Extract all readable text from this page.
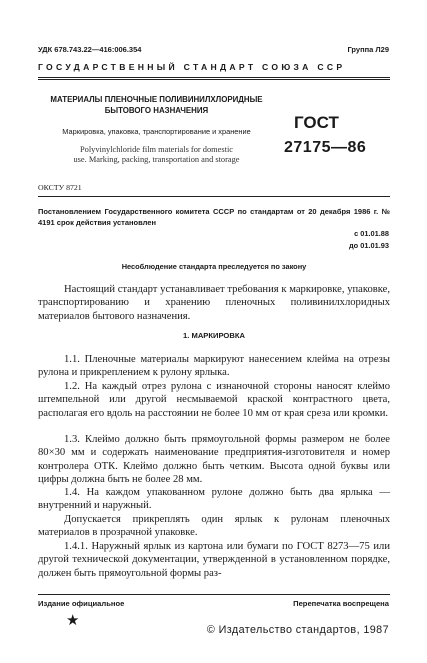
УДК 678.743.22—416:006.354	Группа Л29
ГОСУДАРСТВЕННЫЙ СТАНДАРТ СОЮЗА ССР
МАТЕРИАЛЫ ПЛЕНОЧНЫЕ ПОЛИВИНИЛХЛОРИДНЫЕ
БЫТОВОГО НАЗНАЧЕНИЯ
Маркировка, упаковка, транспортирование и хранение
Polyvinylchloride film materials for domestic
use. Marking, packing, transportation and storage
ГОСТ
27175—86
ОКСТУ 8721
Постановлением Государственного комитета СССР по стандартам от 20 декабря 1986 г. № 4191 срок действия установлен
с 01.01.88
до 01.01.93
Несоблюдение стандарта преследуется по закону

Настоящий стандарт устанавливает требования к маркировке, упаковке, транспортированию и хранению пленочных поливинилхлоридных материалов бытового назначения.

1. МАРКИРОВКА

1.1. Пленочные материалы маркируют нанесением клейма на отрезы рулона и прикреплением к рулону ярлыка.

1.2. На каждый отрез рулона с изнаночной стороны наносят клеймо штемпельной или другой несмываемой краской контрастного цвета, располагая его вдоль на расстоянии не более 10 мм от края среза или кромки.

1.3. Клеймо должно быть прямоугольной формы размером не более 80×30 мм и содержать наименование предприятия-изготовителя и номер контролера ОТК. Клеймо должно быть четким. Высота одной буквы или цифры должна быть не более 28 мм.

1.4. На каждом упакованном рулоне должно быть два ярлыка — внутренний и наружный.

Допускается прикреплять один ярлык к рулонам пленочных материалов в прозрачной упаковке.

1.4.1. Наружный ярлык из картона или бумаги по ГОСТ 8273—75 или другой технической документации, утвержденной в установленном порядке, должен быть прямоугольной формы раз-

Издание официальное	Перепечатка воспрещена
★
© Издательство стандартов, 1987
